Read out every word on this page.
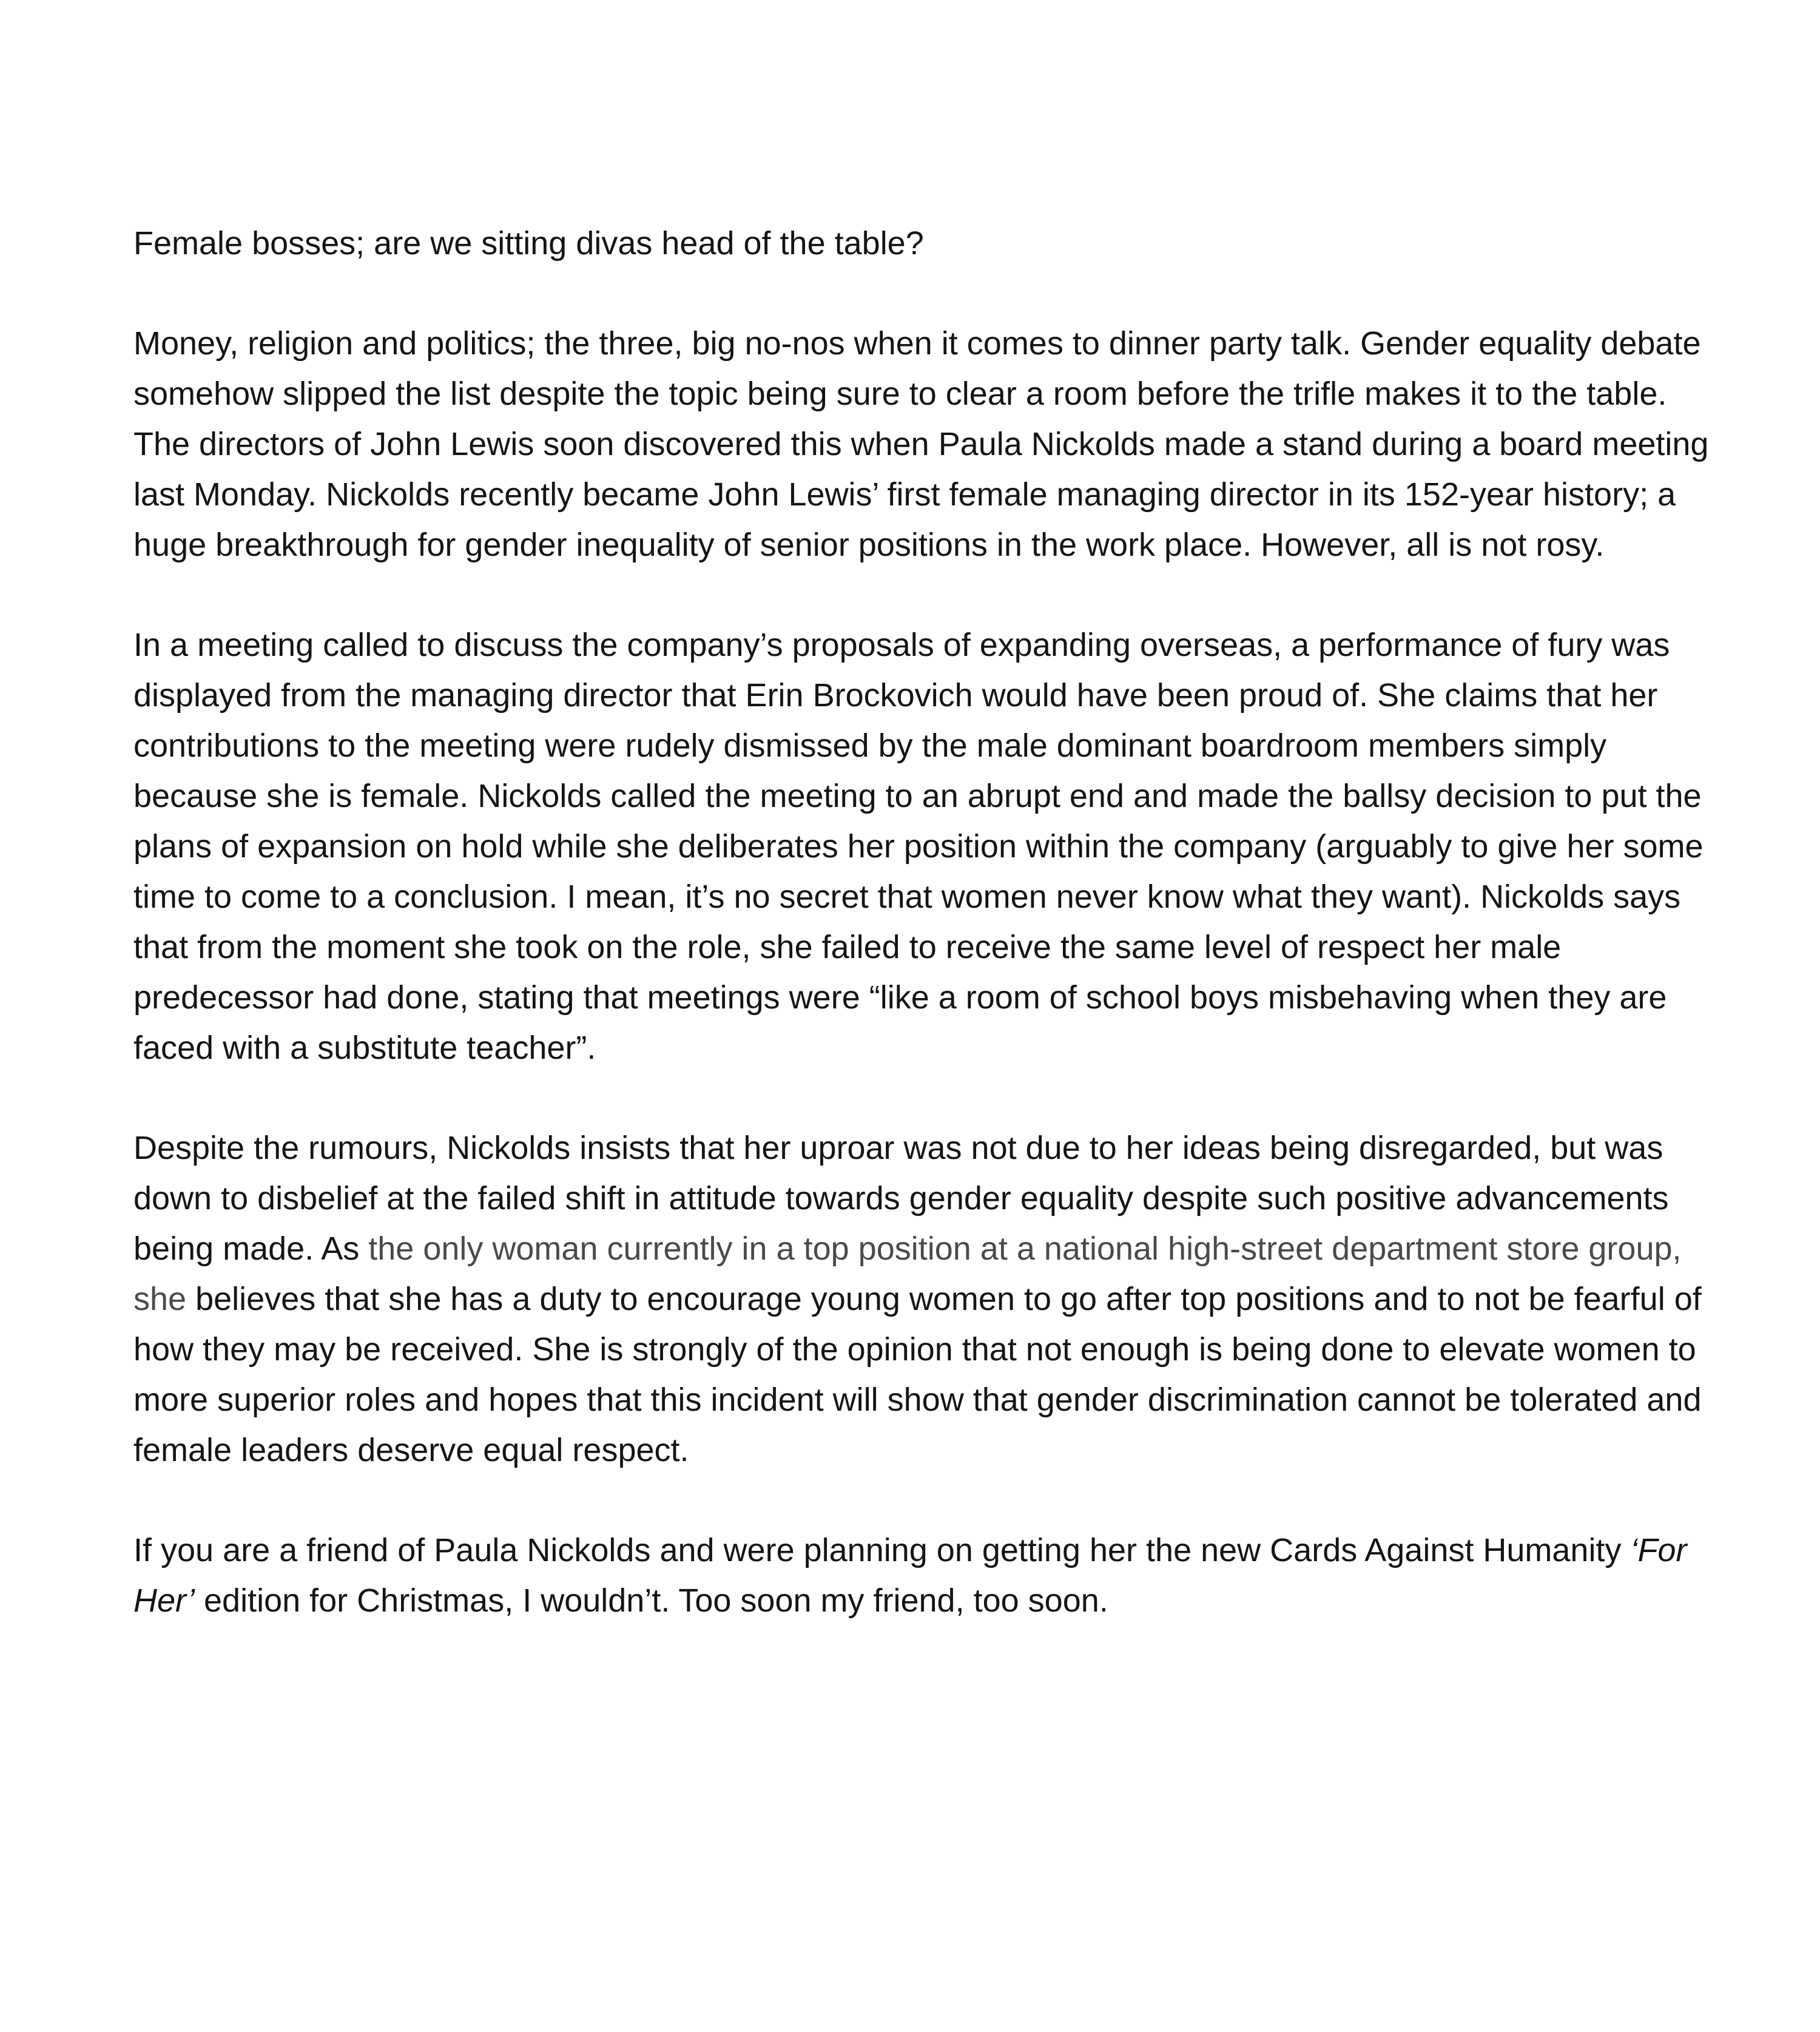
Female bosses; are we sitting divas head of the table?

Money, religion and politics; the three, big no-nos when it comes to dinner party talk. Gender equality debate somehow slipped the list despite the topic being sure to clear a room before the trifle makes it to the table. The directors of John Lewis soon discovered this when Paula Nickolds made a stand during a board meeting last Monday. Nickolds recently became John Lewis’ first female managing director in its 152-year history; a huge breakthrough for gender inequality of senior positions in the work place. However, all is not rosy.

In a meeting called to discuss the company’s proposals of expanding overseas, a performance of fury was displayed from the managing director that Erin Brockovich would have been proud of. She claims that her contributions to the meeting were rudely dismissed by the male dominant boardroom members simply because she is female. Nickolds called the meeting to an abrupt end and made the ballsy decision to put the plans of expansion on hold while she deliberates her position within the company (arguably to give her some time to come to a conclusion. I mean, it’s no secret that women never know what they want). Nickolds says that from the moment she took on the role, she failed to receive the same level of respect her male predecessor had done, stating that meetings were “like a room of school boys misbehaving when they are faced with a substitute teacher”.

Despite the rumours, Nickolds insists that her uproar was not due to her ideas being disregarded, but was down to disbelief at the failed shift in attitude towards gender equality despite such positive advancements being made. As the only woman currently in a top position at a national high-street department store group, she believes that she has a duty to encourage young women to go after top positions and to not be fearful of how they may be received. She is strongly of the opinion that not enough is being done to elevate women to more superior roles and hopes that this incident will show that gender discrimination cannot be tolerated and female leaders deserve equal respect.

If you are a friend of Paula Nickolds and were planning on getting her the new Cards Against Humanity ‘For Her’ edition for Christmas, I wouldn’t. Too soon my friend, too soon.
